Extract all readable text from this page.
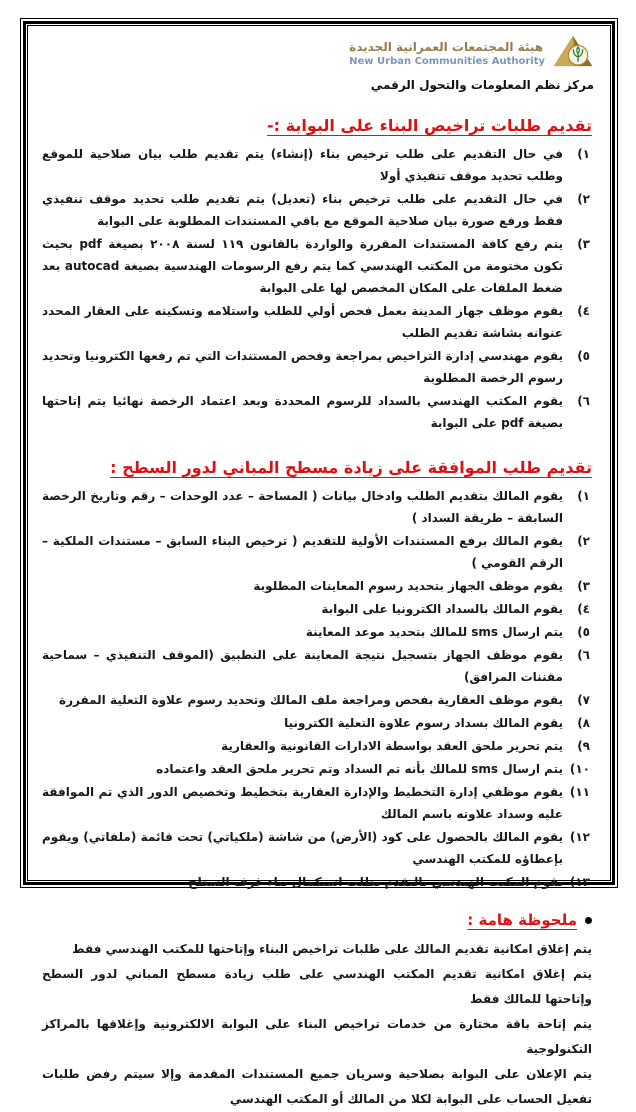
هيئة المجتمعات العمرانية الجديدة
New Urban Communities Authority
مركز نظم المعلومات والتحول الرقمي
تقديم طلبات تراخيص البناء على البوابة :-
١)
في حال التقديم على طلب ترخيص بناء (إنشاء) يتم تقديم طلب بيان صلاحية للموقع وطلب تحديد موقف تنفيذي أولا
٢)
في حال التقديم على طلب ترخيص بناء (تعديل) يتم تقديم طلب تحديد موقف تنفيذي فقط ورفع صورة بيان صلاحية الموقع مع باقي المستندات المطلوبة على البوابة
٣)
يتم رفع كافة المستندات المقررة والواردة بالقانون ١١٩ لسنة ٢٠٠٨ بصيغة pdf بحيث تكون مختومة من المكتب الهندسي كما يتم رفع الرسومات الهندسية بصيغة autocad بعد ضغط الملفات على المكان المخصص لها على البوابة
٤)
يقوم موظف جهاز المدينة بعمل فحص أولي للطلب واستلامه وتسكينه على العقار المحدد عنوانه بشاشة تقديم الطلب
٥)
يقوم مهندسي إدارة التراخيص بمراجعة وفحص المستندات التي تم رفعها الكترونيا وتحديد رسوم الرخصة المطلوبة
٦)
يقوم المكتب الهندسي بالسداد للرسوم المحددة وبعد اعتماد الرخصة نهائيا يتم إتاحتها بصيغة pdf على البوابة
تقديم طلب الموافقة على زيادة مسطح المباني لدور السطح :
١)
يقوم المالك بتقديم الطلب وادخال بيانات ( المساحة – عدد الوحدات – رقم وتاريخ الرخصة السابقة – طريقة السداد )
٢)
يقوم المالك برفع المستندات الأولية للتقديم ( ترخيص البناء السابق – مستندات الملكية – الرقم القومي )
٣)
يقوم موظف الجهاز بتحديد رسوم المعاينات المطلوبة
٤)
يقوم المالك بالسداد الكترونيا على البوابة
٥)
يتم ارسال sms للمالك بتحديد موعد المعاينة
٦)
يقوم موظف الجهاز بتسجيل نتيجة المعاينة على التطبيق (الموقف التنفيذي – سماحية مقننات المرافق)
٧)
يقوم موظف العقارية بفحص ومراجعة ملف المالك وتحديد رسوم علاوة التعلية المقررة
٨)
يقوم المالك بسداد رسوم علاوة التعلية الكترونيا
٩)
يتم تحرير ملحق العقد بواسطة الادارات القانونية والعقارية
١٠)
يتم ارسال sms للمالك بأنه تم السداد وتم تحرير ملحق العقد واعتماده
١١)
يقوم موظفي إدارة التخطيط والإدارة العقارية بتخطيط وتخصيص الدور الذي تم الموافقة عليه وسداد علاوته باسم المالك
١٢)
يقوم المالك بالحصول على كود (الأرض) من شاشة (ملكياتي) تحت قائمة (ملفاتي) ويقوم بإعطاؤه للمكتب الهندسي
١٣)
يقوم المكتب الهندسي بالتقدم بطلب استكمال بناء غرف السطح
ملحوظة هامة :
يتم إغلاق امكانية تقديم المالك على طلبات تراخيص البناء وإتاحتها للمكتب الهندسي فقط
يتم إغلاق امكانية تقديم المكتب الهندسي على طلب زيادة مسطح المباني لدور السطح وإتاحتها للمالك فقط
يتم إتاحة باقة مختارة من خدمات تراخيص البناء على البوابة الالكترونية وإغلاقها بالمراكز التكنولوجية
يتم الإعلان على البوابة بصلاحية وسريان جميع المستندات المقدمة وإلا سيتم رفض طلبات تفعيل الحساب على البوابة لكلا من المالك أو المكتب الهندسي
